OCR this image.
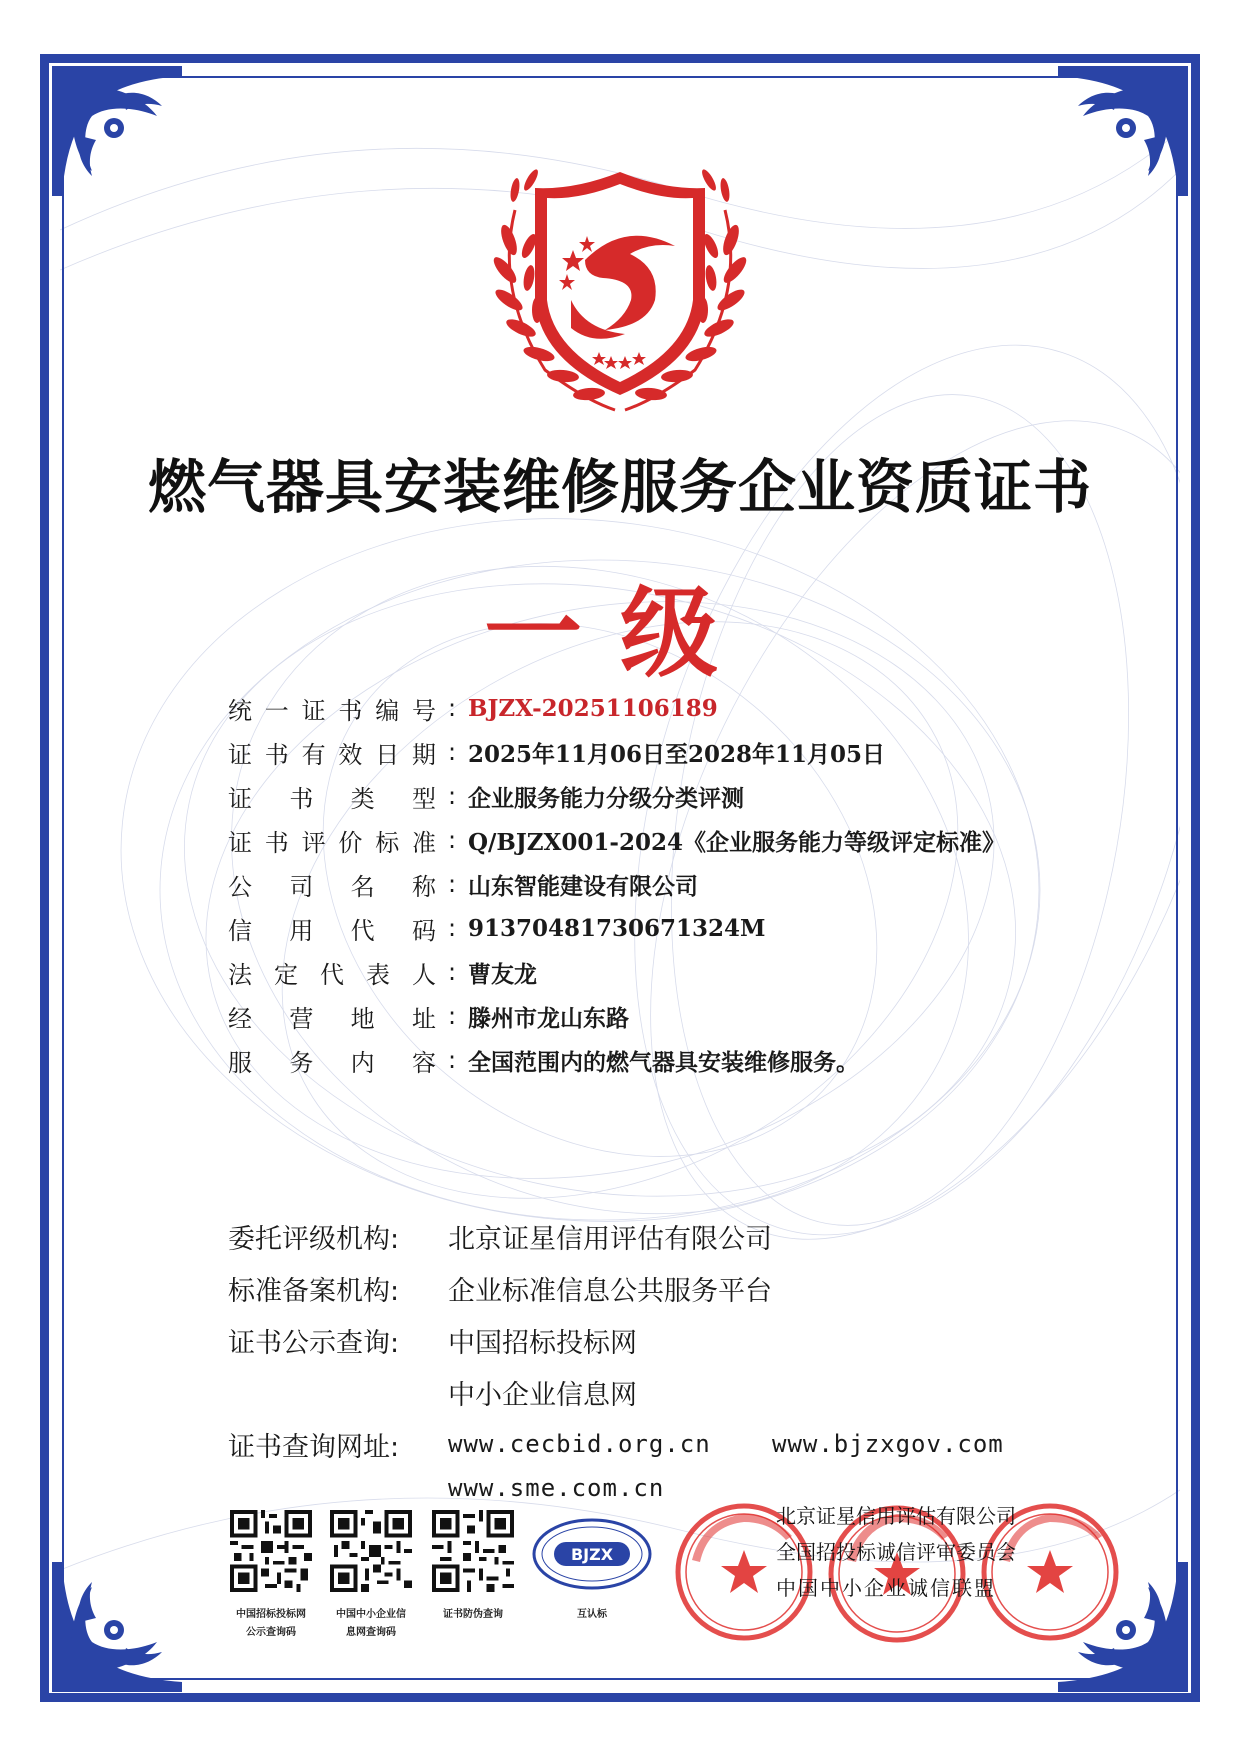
燃气器具安装维修服务企业资质证书
一级
统一证书编号 : BJZX-20251106189
证书有效日期 : 2025年11月06日至2028年11月05日
证书类型 : 企业服务能力分级分类评测
证书评价标准 : Q/BJZX001-2024《企业服务能力等级评定标准》
公司名称 : 山东智能建设有限公司
信用代码 : 91370481730671324M
法定代表人 : 曹友龙
经营地址 : 滕州市龙山东路
服务内容 : 全国范围内的燃气器具安装维修服务。
委托评级机构:	北京证星信用评估有限公司
标准备案机构:	企业标准信息公共服务平台
证书公示查询:	中国招标投标网
中小企业信息网
证书查询网址:	www.cecbid.org.cn	www.bjzxgov.com
www.sme.com.cn
中国招标投标网
公示查询码
中国中小企业信
息网查询码
证书防伪查询
BJZX
互认标
北京证星信用评估有限公司
全国招投标诚信评审委员会
中国中小企业诚信联盟
